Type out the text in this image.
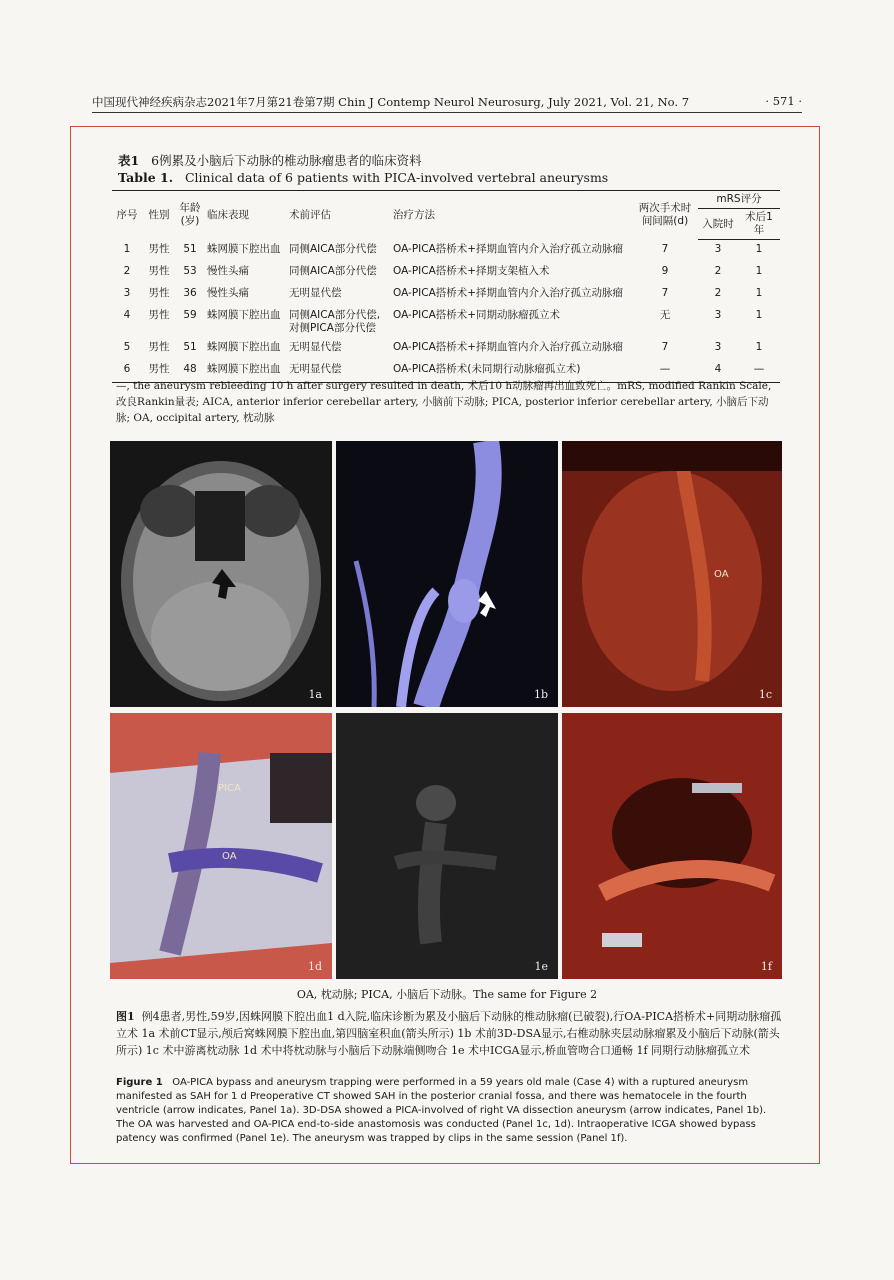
中国现代神经疾病杂志2021年7月第21卷第7期 Chin J Contemp Neurol Neurosurg, July 2021, Vol. 21, No. 7	· 571 ·
表1 6例累及小脑后下动脉的椎动脉瘤患者的临床资料
Table 1. Clinical data of 6 patients with PICA-involved vertebral aneurysms
序号	性别	年龄(岁)	临床表现	术前评估	治疗方法	两次手术时间间隔(d)	mRS评分	
							入院时	术后1年
1	男性	51	蛛网膜下腔出血	同侧AICA部分代偿	OA-PICA搭桥术+择期血管内介入治疗孤立动脉瘤	7	3	1
2	男性	53	慢性头痛	同侧AICA部分代偿	OA-PICA搭桥术+择期支架植入术	9	2	1
3	男性	36	慢性头痛	无明显代偿	OA-PICA搭桥术+择期血管内介入治疗孤立动脉瘤	7	2	1
4	男性	59	蛛网膜下腔出血	同侧AICA部分代偿,对侧PICA部分代偿	OA-PICA搭桥术+同期动脉瘤孤立术	无	3	1
5	男性	51	蛛网膜下腔出血	无明显代偿	OA-PICA搭桥术+择期血管内介入治疗孤立动脉瘤	7	3	1
6	男性	48	蛛网膜下腔出血	无明显代偿	OA-PICA搭桥术(未同期行动脉瘤孤立术)	—	4	—
—, the aneurysm rebleeding 10 h after surgery resulted in death, 术后10 h动脉瘤再出血致死亡。mRS, modified Rankin Scale, 改良Rankin量表; AICA, anterior inferior cerebellar artery, 小脑前下动脉; PICA, posterior inferior cerebellar artery, 小脑后下动脉; OA, occipital artery, 枕动脉
1a	1b
OA
1c
PICA
OA
1d	1e	1f
OA, 枕动脉; PICA, 小脑后下动脉。The same for Figure 2
图1 例4患者,男性,59岁,因蛛网膜下腔出血1 d入院,临床诊断为累及小脑后下动脉的椎动脉瘤(已破裂),行OA-PICA搭桥术+同期动脉瘤孤立术 1a 术前CT显示,颅后窝蛛网膜下腔出血,第四脑室积血(箭头所示) 1b 术前3D-DSA显示,右椎动脉夹层动脉瘤累及小脑后下动脉(箭头所示) 1c 术中游离枕动脉 1d 术中将枕动脉与小脑后下动脉端侧吻合 1e 术中ICGA显示,桥血管吻合口通畅 1f 同期行动脉瘤孤立术
Figure 1 OA-PICA bypass and aneurysm trapping were performed in a 59 years old male (Case 4) with a ruptured aneurysm manifested as SAH for 1 d Preoperative CT showed SAH in the posterior cranial fossa, and there was hematocele in the fourth ventricle (arrow indicates, Panel 1a). 3D-DSA showed a PICA-involved of right VA dissection aneurysm (arrow indicates, Panel 1b). The OA was harvested and OA-PICA end-to-side anastomosis was conducted (Panel 1c, 1d). Intraoperative ICGA showed bypass patency was confirmed (Panel 1e). The aneurysm was trapped by clips in the same session (Panel 1f).
